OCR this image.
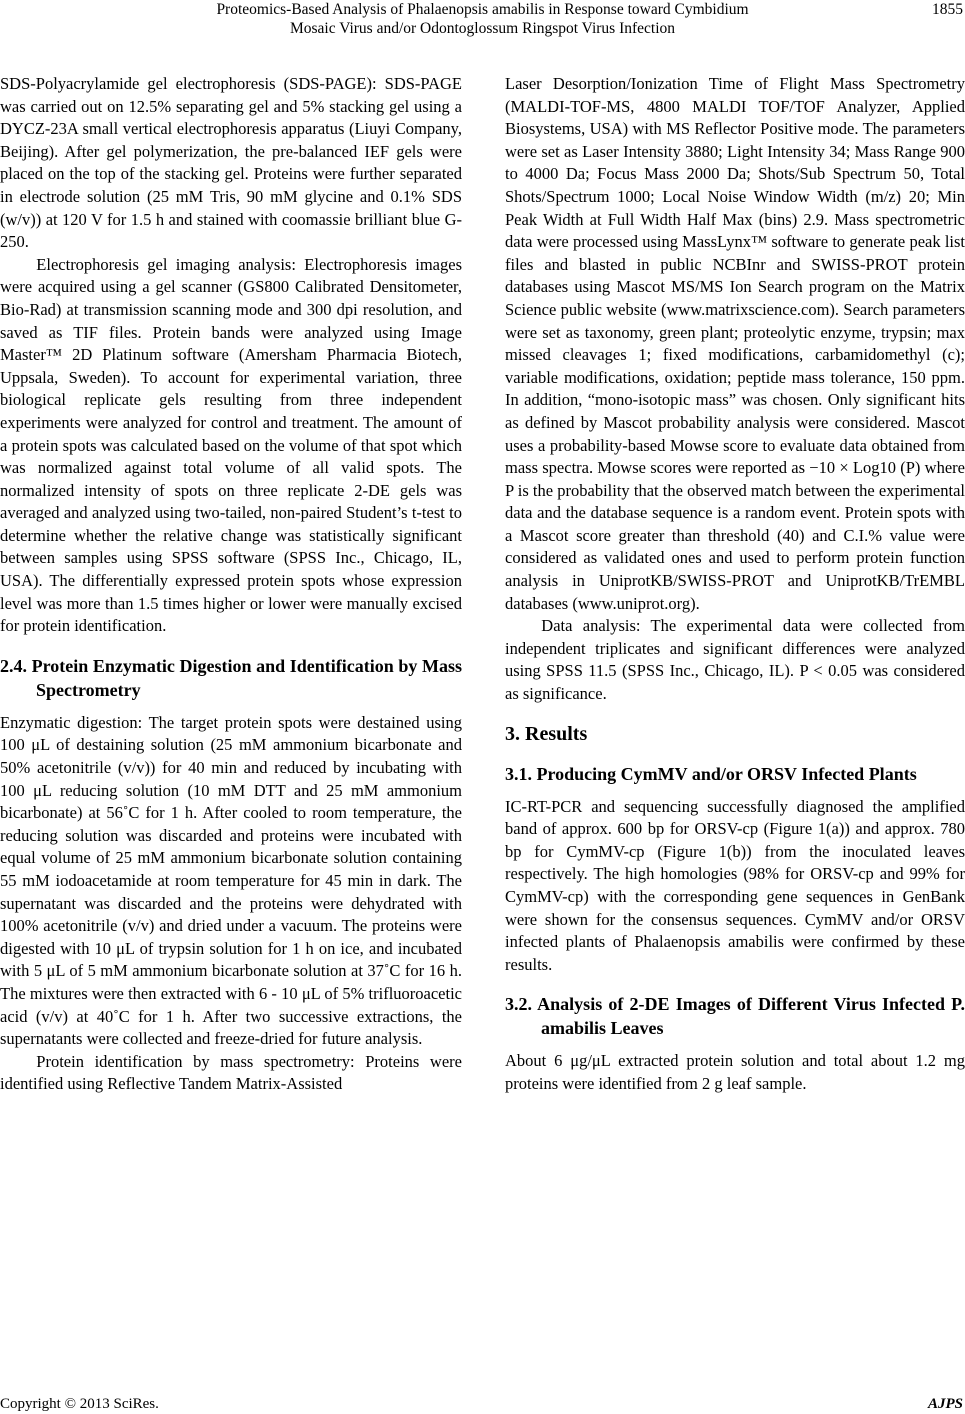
Proteomics-Based Analysis of Phalaenopsis amabilis in Response toward Cymbidium
Mosaic Virus and/or Odontoglossum Ringspot Virus Infection
1855

SDS-Polyacrylamide gel electrophoresis (SDS-PAGE): SDS-PAGE was carried out on 12.5% separating gel and 5% stacking gel using a DYCZ-23A small vertical electrophoresis apparatus (Liuyi Company, Beijing). After gel polymerization, the pre-balanced IEF gels were placed on the top of the stacking gel. Proteins were further separated in electrode solution (25 mM Tris, 90 mM glycine and 0.1% SDS (w/v)) at 120 V for 1.5 h and stained with coomassie brilliant blue G-250.

Electrophoresis gel imaging analysis: Electrophoresis images were acquired using a gel scanner (GS800 Calibrated Densitometer, Bio-Rad) at transmission scanning mode and 300 dpi resolution, and saved as TIF files. Protein bands were analyzed using Image Master™ 2D Platinum software (Amersham Pharmacia Biotech, Uppsala, Sweden). To account for experimental variation, three biological replicate gels resulting from three independent experiments were analyzed for control and treatment. The amount of a protein spots was calculated based on the volume of that spot which was normalized against total volume of all valid spots. The normalized intensity of spots on three replicate 2-DE gels was averaged and analyzed using two-tailed, non-paired Student’s t-test to determine whether the relative change was statistically significant between samples using SPSS software (SPSS Inc., Chicago, IL, USA). The differentially expressed protein spots whose expression level was more than 1.5 times higher or lower were manually excised for protein identification.

2.4. Protein Enzymatic Digestion and Identification by Mass Spectrometry

Enzymatic digestion: The target protein spots were destained using 100 μL of destaining solution (25 mM ammonium bicarbonate and 50% acetonitrile (v/v)) for 40 min and reduced by incubating with 100 μL reducing solution (10 mM DTT and 25 mM ammonium bicarbonate) at 56˚C for 1 h. After cooled to room temperature, the reducing solution was discarded and proteins were incubated with equal volume of 25 mM ammonium bicarbonate solution containing 55 mM iodoacetamide at room temperature for 45 min in dark. The supernatant was discarded and the proteins were dehydrated with 100% acetonitrile (v/v) and dried under a vacuum. The proteins were digested with 10 μL of trypsin solution for 1 h on ice, and incubated with 5 μL of 5 mM ammonium bicarbonate solution at 37˚C for 16 h. The mixtures were then extracted with 6 - 10 μL of 5% trifluoroacetic acid (v/v) at 40˚C for 1 h. After two successive extractions, the supernatants were collected and freeze-dried for future analysis.

Protein identification by mass spectrometry: Proteins were identified using Reflective Tandem Matrix-Assisted

Laser Desorption/Ionization Time of Flight Mass Spectrometry (MALDI-TOF-MS, 4800 MALDI TOF/TOF Analyzer, Applied Biosystems, USA) with MS Reflector Positive mode. The parameters were set as Laser Intensity 3880; Light Intensity 34; Mass Range 900 to 4000 Da; Focus Mass 2000 Da; Shots/Sub Spectrum 50, Total Shots/Spectrum 1000; Local Noise Window Width (m/z) 20; Min Peak Width at Full Width Half Max (bins) 2.9. Mass spectrometric data were processed using MassLynx™ software to generate peak list files and blasted in public NCBInr and SWISS-PROT protein databases using Mascot MS/MS Ion Search program on the Matrix Science public website (www.matrixscience.com). Search parameters were set as taxonomy, green plant; proteolytic enzyme, trypsin; max missed cleavages 1; fixed modifications, carbamidomethyl (c); variable modifications, oxidation; peptide mass tolerance, 150 ppm. In addition, “mono-isotopic mass” was chosen. Only significant hits as defined by Mascot probability analysis were considered. Mascot uses a probability-based Mowse score to evaluate data obtained from mass spectra. Mowse scores were reported as −10 × Log10 (P) where P is the probability that the observed match between the experimental data and the database sequence is a random event. Protein spots with a Mascot score greater than threshold (40) and C.I.% value were considered as validated ones and used to perform protein function analysis in UniprotKB/SWISS-PROT and UniprotKB/TrEMBL databases (www.uniprot.org).

Data analysis: The experimental data were collected from independent triplicates and significant differences were analyzed using SPSS 11.5 (SPSS Inc., Chicago, IL). P < 0.05 was considered as significance.

3. Results
3.1. Producing CymMV and/or ORSV Infected Plants

IC-RT-PCR and sequencing successfully diagnosed the amplified band of approx. 600 bp for ORSV-cp (Figure 1(a)) and approx. 780 bp for CymMV-cp (Figure 1(b)) from the inoculated leaves respectively. The high homologies (98% for ORSV-cp and 99% for CymMV-cp) with the corresponding gene sequences in GenBank were shown for the consensus sequences. CymMV and/or ORSV infected plants of Phalaenopsis amabilis were confirmed by these results.

3.2. Analysis of 2-DE Images of Different Virus Infected P. amabilis Leaves

About 6 μg/μL extracted protein solution and total about 1.2 mg proteins were identified from 2 g leaf sample.

Copyright © 2013 SciRes.	AJPS
